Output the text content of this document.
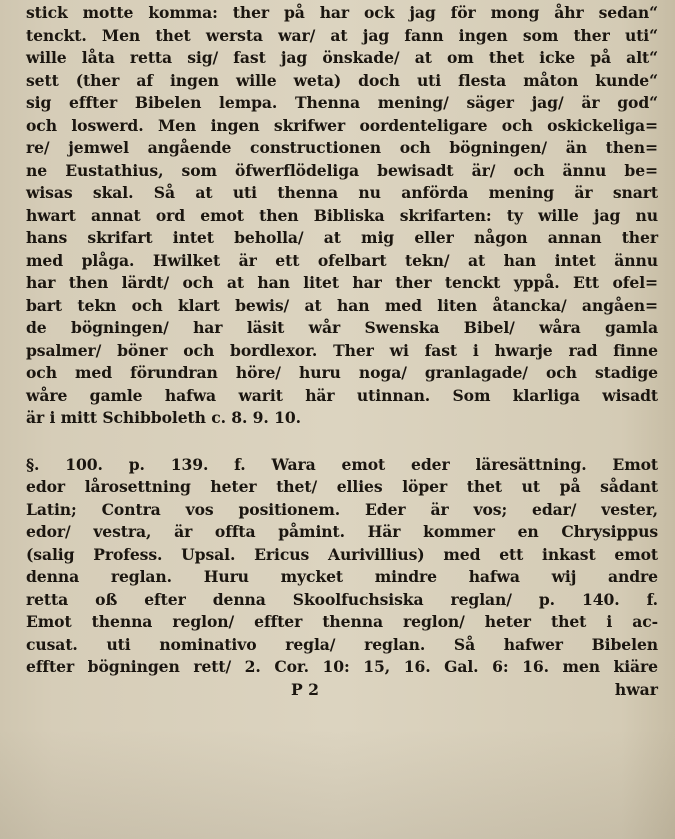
stick motte komma: ther på har ock jag för mong åhr sedan“
tenckt. Men thet wersta war/ at jag fann ingen som ther uti“
wille låta retta sig/ fast jag önskade/ at om thet icke på alt“
sett (ther af ingen wille weta) doch uti flesta måton kunde“
sig effter Bibelen lempa. Thenna mening/ säger jag/ är god“
och loswerd. Men ingen skrifwer oordenteligare och oskickeliga=
re/ jemwel angående constructionen och bögningen/ än then=
ne Eustathius, som öfwerflödeliga bewisadt är/ och ännu be=
wisas skal. Så at uti thenna nu anförda mening är snart
hwart annat ord emot then Bibliska skrifarten: ty wille jag nu
hans skrifart intet beholla/ at mig eller någon annan ther
med plåga. Hwilket är ett ofelbart tekn/ at han intet ännu
har then lärdt/ och at han litet har ther tenckt yppå. Ett ofel=
bart tekn och klart bewis/ at han med liten åtancka/ angåen=
de bögningen/ har läsit wår Swenska Bibel/ wåra gamla
psalmer/ böner och bordlexor. Ther wi fast i hwarje rad finne
och med förundran höre/ huru noga/ granlagade/ och stadige
wåre gamle hafwa warit här utinnan. Som klarliga wisadt
är i mitt Schibboleth c. 8. 9. 10.
§. 100. p. 139. f. Wara emot eder läresättning. Emot
edor lårosettning heter thet/ ellies löper thet ut på sådant
Latin; Contra vos positionem. Eder är vos; edar/ vester,
edor/ vestra, är offta påmint. Här kommer en Chrysippus
(salig Profess. Upsal. Ericus Aurivillius) med ett inkast emot
denna reglan. Huru mycket mindre hafwa wij andre
retta oß efter denna Skoolfuchsiska reglan/ p. 140. f.
Emot thenna reglon/ effter thenna reglon/ heter thet i ac-
cusat. uti nominativo regla/ reglan. Så hafwer Bibelen
effter bögningen rett/ 2. Cor. 10: 15, 16. Gal. 6: 16. men kiäre
P 2	hwar
